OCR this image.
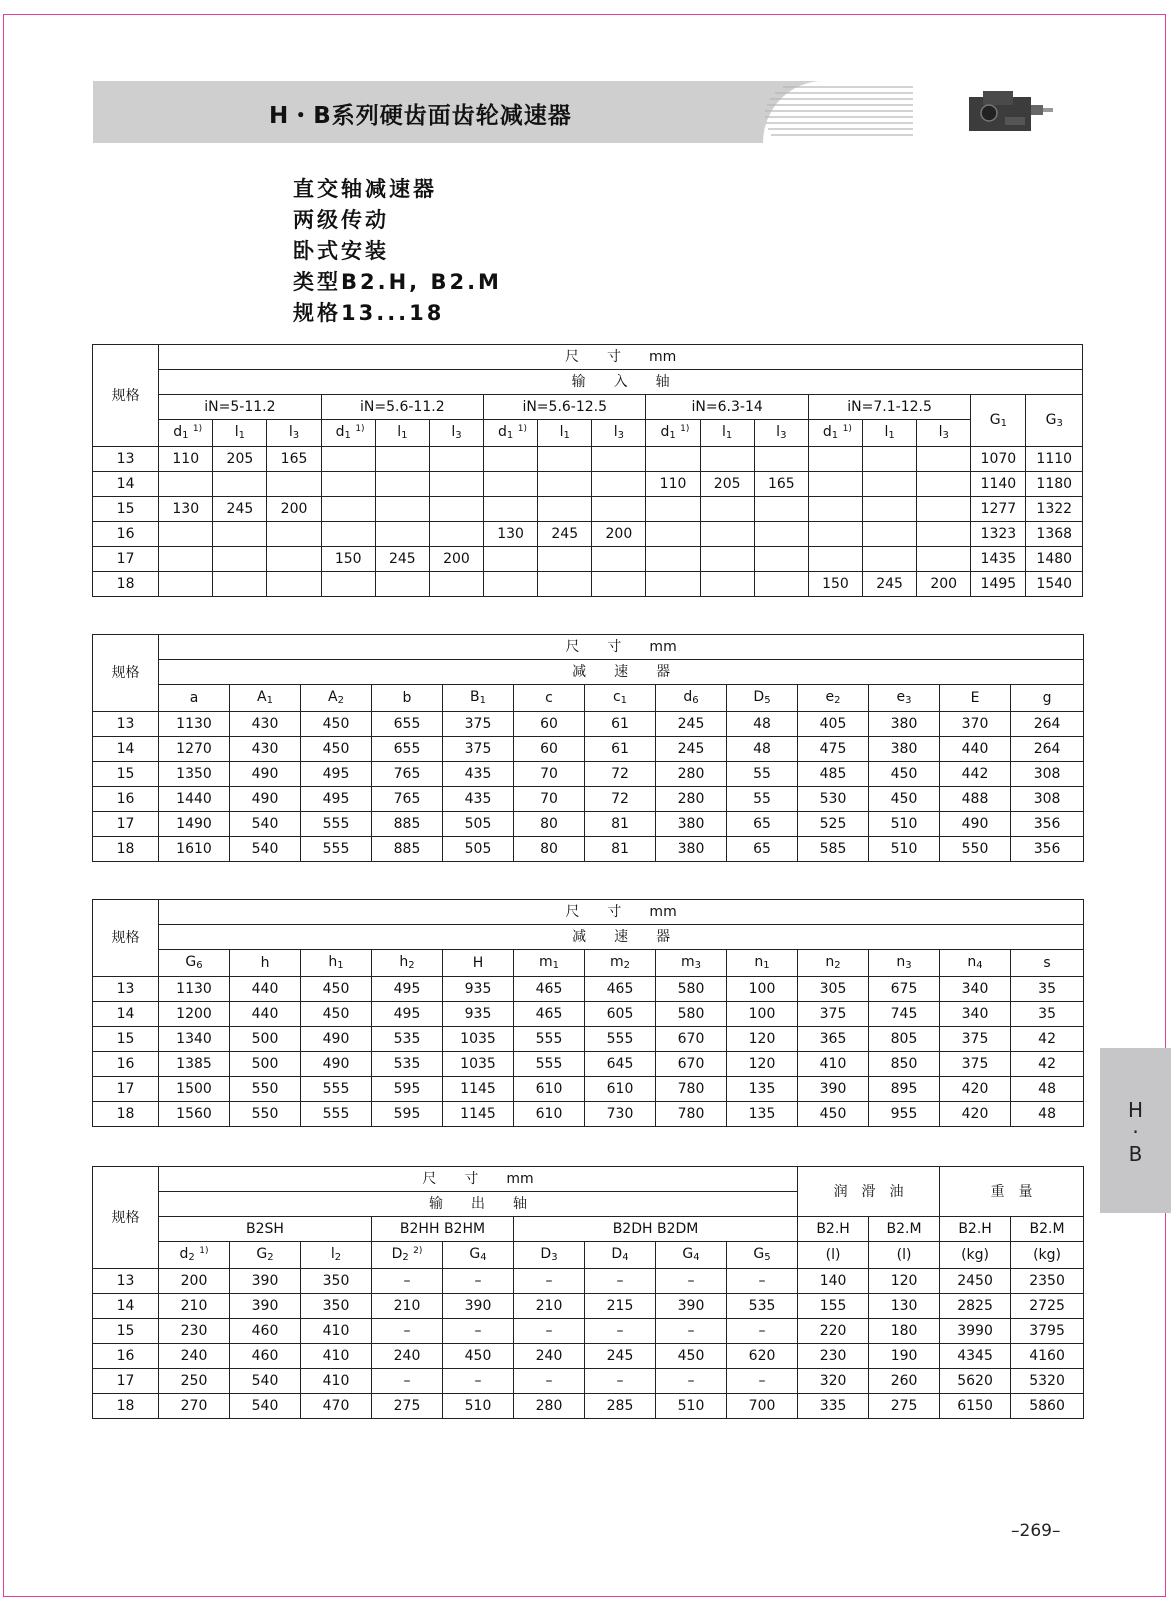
H・B系列硬齿面齿轮减速器
直交轴减速器
两级传动
卧式安装
类型B2.H, B2.M
规格13...18
规格	尺　　寸　　mm																
	输　　入　　轴																
	iN=5-11.2			iN=5.6-11.2			iN=5.6-12.5			iN=6.3-14			iN=7.1-12.5			G1	G3
	d1 $^{1)}$	l1	l3	d1 $^{1)}$	l1	l3	d1 $^{1)}$	l1	l3	d1 $^{1)}$	l1	l3	d1 $^{1)}$	l1	l3		
13	110	205	165													1070	1110
14										110	205	165				1140	1180
15	130	245	200													1277	1322
16							130	245	200							1323	1368
17				150	245	200										1435	1480
18													150	245	200	1495	1540
规格	尺　　寸　　mm												
	减　　速　　器												
	a	A1	A2	b	B1	c	c1	d6	D5	e2	e3	E	g
13	1130	430	450	655	375	60	61	245	48	405	380	370	264
14	1270	430	450	655	375	60	61	245	48	475	380	440	264
15	1350	490	495	765	435	70	72	280	55	485	450	442	308
16	1440	490	495	765	435	70	72	280	55	530	450	488	308
17	1490	540	555	885	505	80	81	380	65	525	510	490	356
18	1610	540	555	885	505	80	81	380	65	585	510	550	356
规格	尺　　寸　　mm												
	减　　速　　器												
	G6	h	h1	h2	H	m1	m2	m3	n1	n2	n3	n4	s
13	1130	440	450	495	935	465	465	580	100	305	675	340	35
14	1200	440	450	495	935	465	605	580	100	375	745	340	35
15	1340	500	490	535	1035	555	555	670	120	365	805	375	42
16	1385	500	490	535	1035	555	645	670	120	410	850	375	42
17	1500	550	555	595	1145	610	610	780	135	390	895	420	48
18	1560	550	555	595	1145	610	730	780	135	450	955	420	48
规格	尺　　寸　　mm									润　滑　油		重　量	
	输　　出　　轴												
	B2SH			B2HH B2HM		B2DH B2DM				B2.H	B2.M	B2.H	B2.M
	d2 $^{1)}$	G2	l2	D2 $^{2)}$	G4	D3	D4	G4	G5	(l)	(l)	(kg)	(kg)
13	200	390	350	–	–	–	–	–	–	140	120	2450	2350
14	210	390	350	210	390	210	215	390	535	155	130	2825	2725
15	230	460	410	–	–	–	–	–	–	220	180	3990	3795
16	240	460	410	240	450	240	245	450	620	230	190	4345	4160
17	250	540	410	–	–	–	–	–	–	320	260	5620	5320
18	270	540	470	275	510	280	285	510	700	335	275	6150	5860
H
·
B
–269–
